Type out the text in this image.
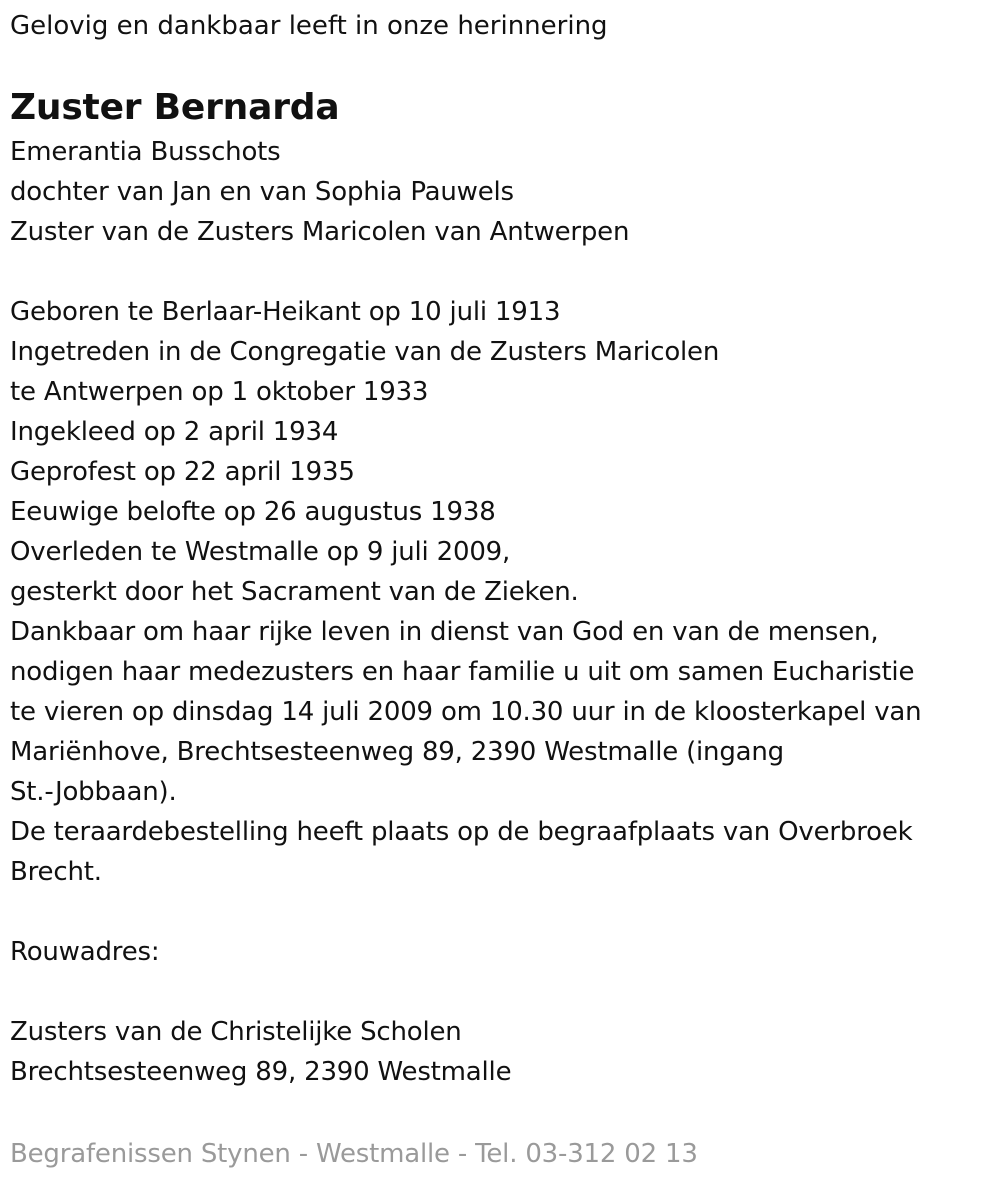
Gelovig en dankbaar leeft in onze herinnering
Zuster Bernarda
Emerantia Busschots
dochter van Jan en van Sophia Pauwels
Zuster van de Zusters Maricolen van Antwerpen
Geboren te Berlaar-Heikant op 10 juli 1913
Ingetreden in de Congregatie van de Zusters Maricolen
te Antwerpen op 1 oktober 1933
Ingekleed op 2 april 1934
Geprofest op 22 april 1935
Eeuwige belofte op 26 augustus 1938
Overleden te Westmalle op 9 juli 2009,
gesterkt door het Sacrament van de Zieken.
Dankbaar om haar rijke leven in dienst van God en van de mensen,
nodigen haar medezusters en haar familie u uit om samen Eucharistie
te vieren op dinsdag 14 juli 2009 om 10.30 uur in de kloosterkapel van
Mariënhove, Brechtsesteenweg 89, 2390 Westmalle (ingang
St.-Jobbaan).
De teraardebestelling heeft plaats op de begraafplaats van Overbroek
Brecht.
Rouwadres:
Zusters van de Christelijke Scholen
Brechtsesteenweg 89, 2390 Westmalle
Begrafenissen Stynen - Westmalle - Tel. 03-312 02 13
